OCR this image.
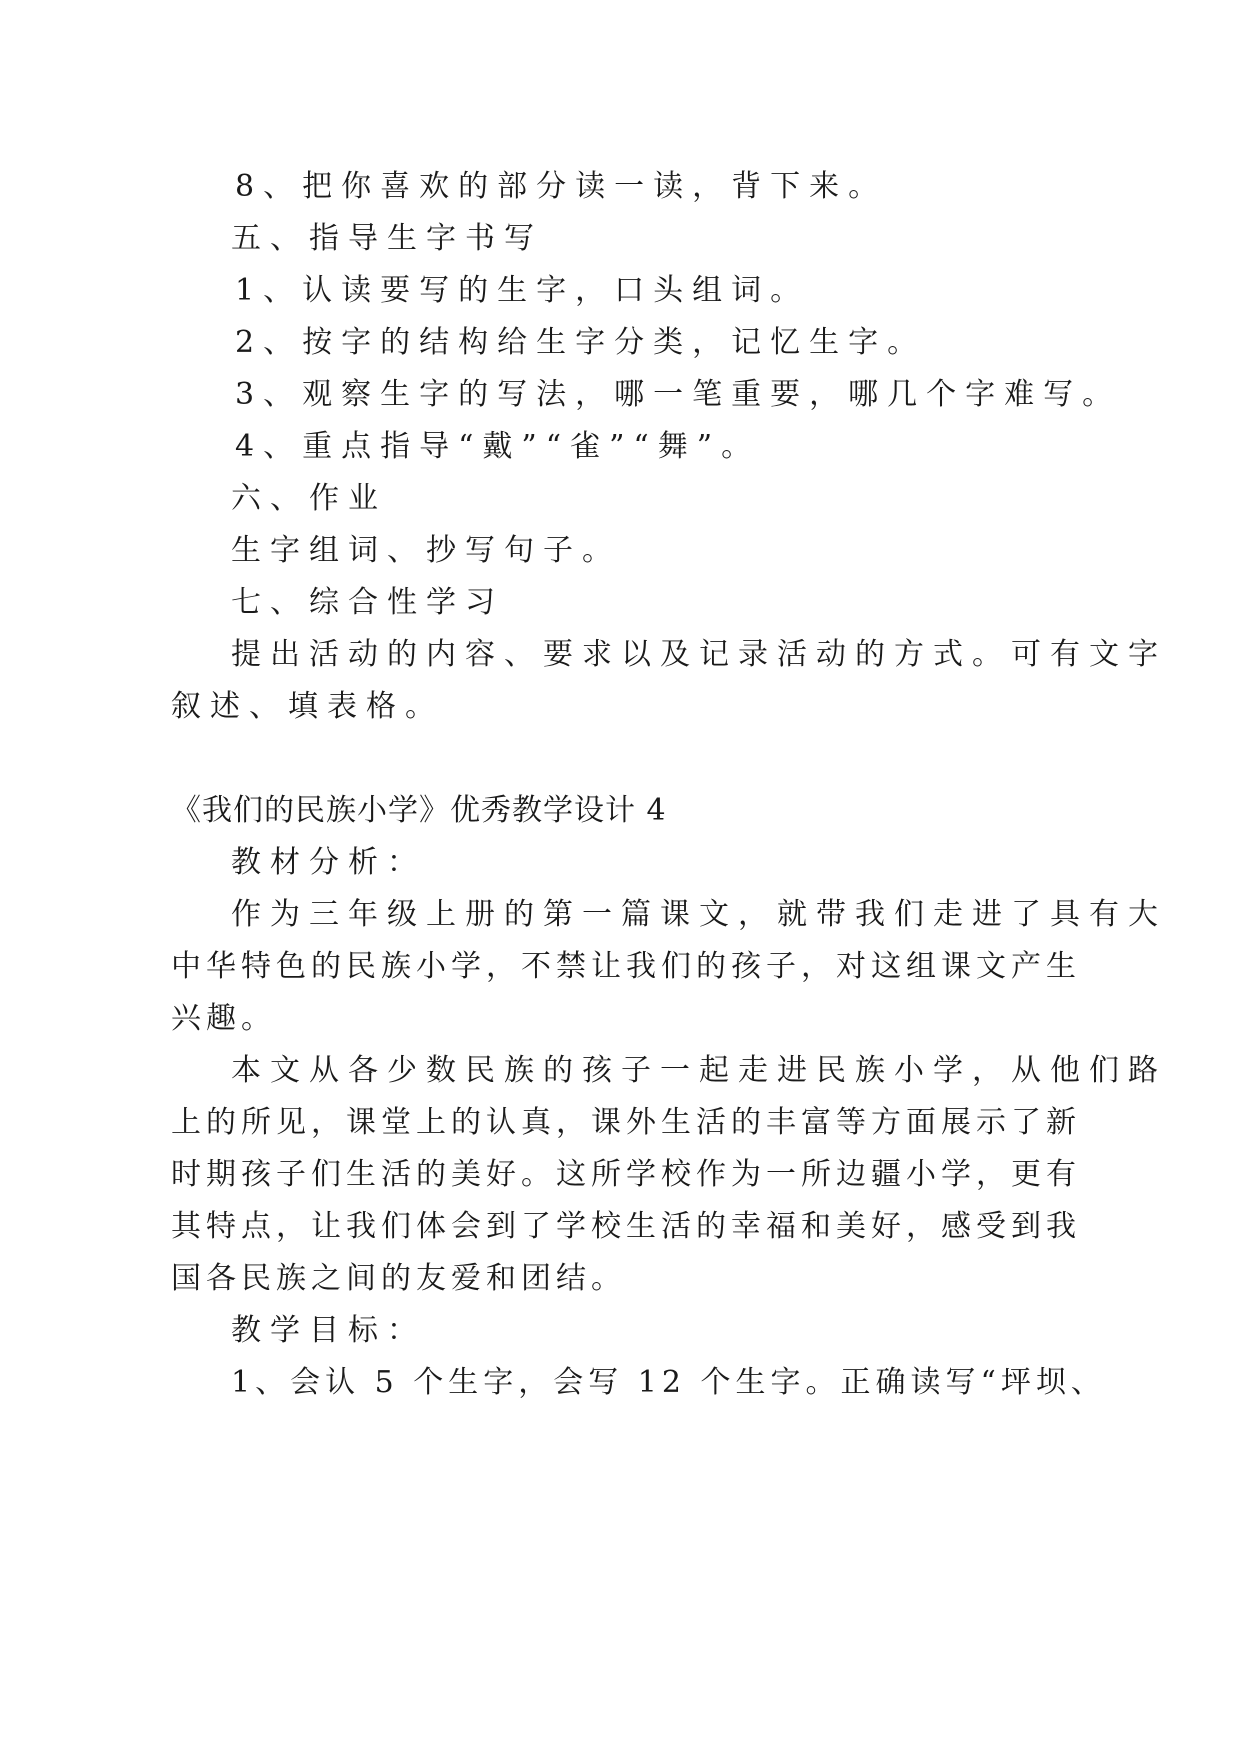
8、把你喜欢的部分读一读，背下来。

五、指导生字书写

1、认读要写的生字，口头组词。

2、按字的结构给生字分类，记忆生字。

3、观察生字的写法，哪一笔重要，哪几个字难写。

4、重点指导“戴”“雀”“舞”。

六、作业

生字组词、抄写句子。

七、综合性学习

提出活动的内容、要求以及记录活动的方式。可有文字

叙述、填表格。

《我们的民族小学》优秀教学设计 4

教材分析：

作为三年级上册的第一篇课文，就带我们走进了具有大

中华特色的民族小学，不禁让我们的孩子，对这组课文产生

兴趣。

本文从各少数民族的孩子一起走进民族小学，从他们路

上的所见，课堂上的认真，课外生活的丰富等方面展示了新

时期孩子们生活的美好。这所学校作为一所边疆小学，更有

其特点，让我们体会到了学校生活的幸福和美好，感受到我

国各民族之间的友爱和团结。

教学目标：

1、会认 5 个生字，会写 12 个生字。正确读写“坪坝、
